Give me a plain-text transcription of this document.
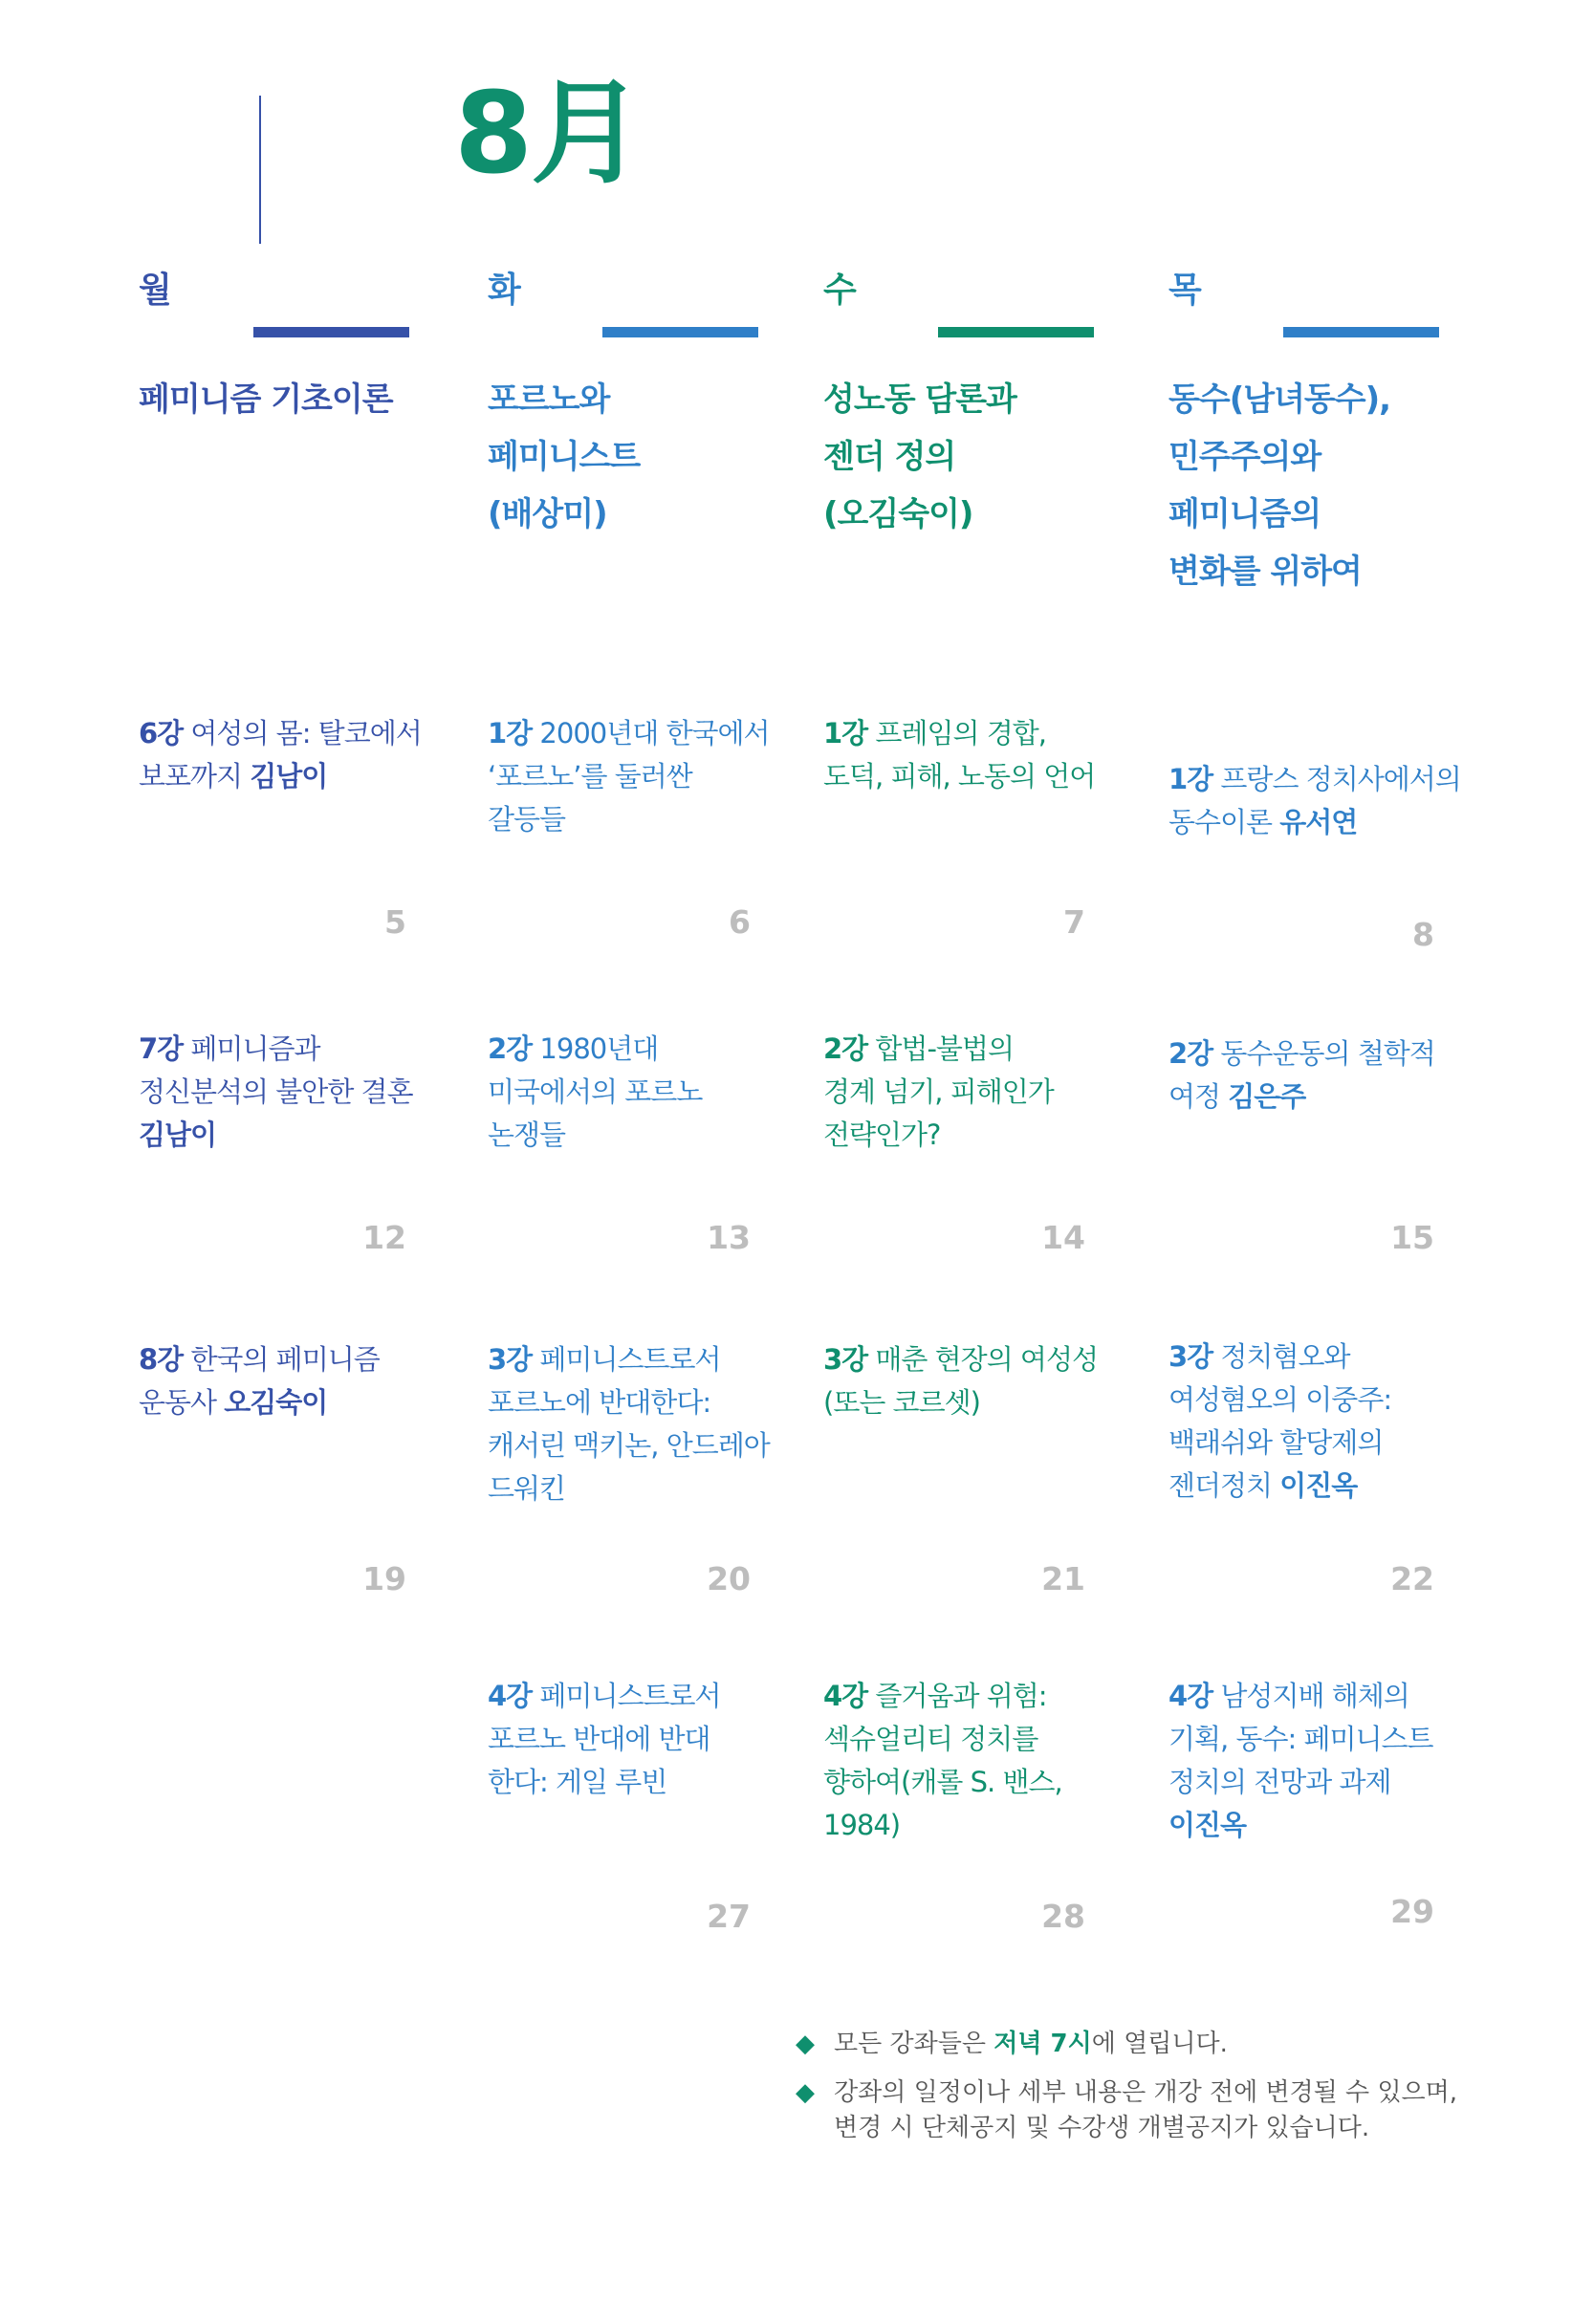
8月
월
페미니즘 기초이론
6강 여성의 몸: 탈코에서
보포까지 김남이
5
7강 페미니즘과
정신분석의 불안한 결혼
김남이
12
8강 한국의 페미니즘
운동사 오김숙이
19
화
포르노와
페미니스트
(배상미)
1강 2000년대 한국에서
‘포르노’를 둘러싼
갈등들
6
2강 1980년대
미국에서의 포르노
논쟁들
13
3강 페미니스트로서
포르노에 반대한다:
캐서린 맥키논, 안드레아
드워킨
20
4강 페미니스트로서
포르노 반대에 반대
한다: 게일 루빈
27
수
성노동 담론과
젠더 정의
(오김숙이)
1강 프레임의 경합,
도덕, 피해, 노동의 언어
7
2강 합법-불법의
경계 넘기, 피해인가
전략인가?
14
3강 매춘 현장의 여성성
(또는 코르셋)
21
4강 즐거움과 위험:
섹슈얼리티 정치를
향하여(캐롤 S. 밴스,
1984)
28
목
동수(남녀동수),
민주주의와
페미니즘의
변화를 위하여
1강 프랑스 정치사에서의
동수이론 유서연
8
2강 동수운동의 철학적
여정 김은주
15
3강 정치혐오와
여성혐오의 이중주:
백래쉬와 할당제의
젠더정치 이진옥
22
4강 남성지배 해체의
기획, 동수: 페미니스트
정치의 전망과 과제
이진옥
29
◆ 모든 강좌들은 저녁 7시에 열립니다.
◆ 강좌의 일정이나 세부 내용은 개강 전에 변경될 수 있으며, 변경 시 단체공지 및 수강생 개별공지가 있습니다.
